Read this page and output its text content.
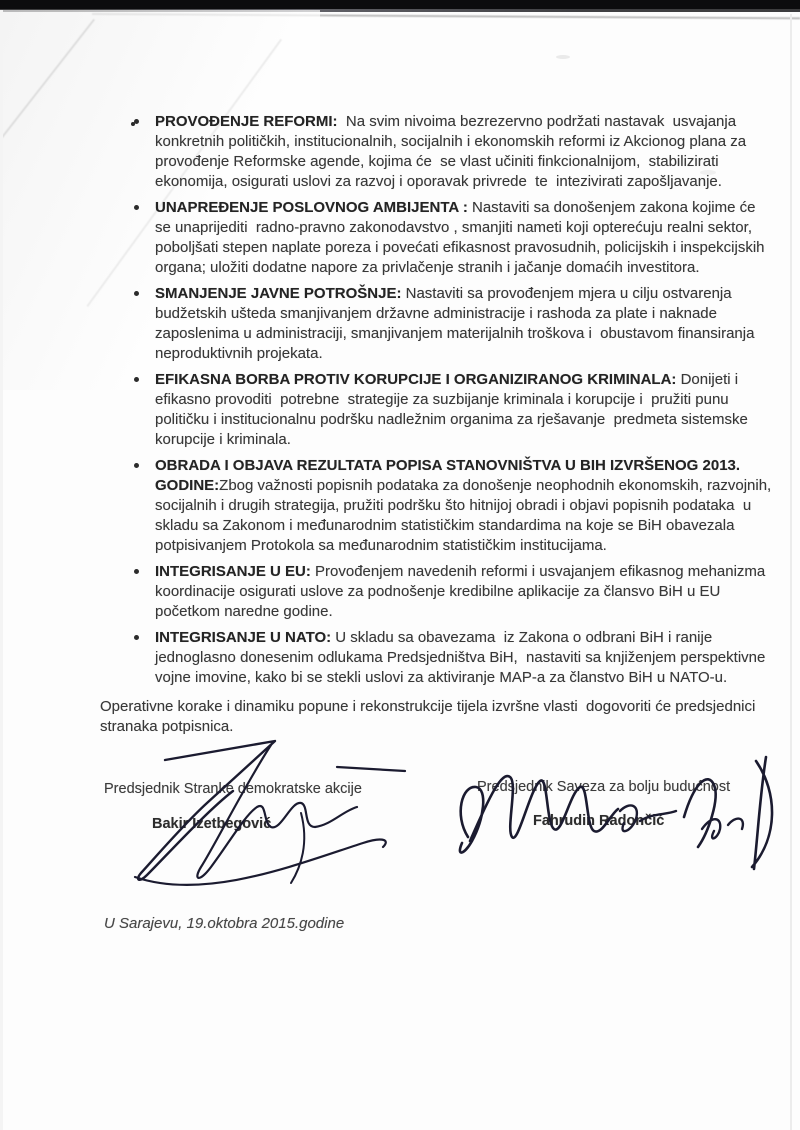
PROVOĐENJE REFORMI:  Na svim nivoima bezrezervno podržati nastavak  usvajanja konkretnih političkih, institucionalnih, socijalnih i ekonomskih reformi iz Akcionog plana za provođenje Reformske agende, kojima će  se vlast učiniti finkcionalnijom,  stabilizirati ekonomija, osigurati uslovi za razvoj i oporavak privrede  te  intezivirati zapošljavanje.
UNAPREĐENJE POSLOVNOG AMBIJENTA : Nastaviti sa donošenjem zakona kojime će se unaprijediti  radno-pravno zakonodavstvo , smanjiti nameti koji opterećuju realni sektor, poboljšati stepen naplate poreza i povećati efikasnost pravosudnih, policijskih i inspekcijskih organa; uložiti dodatne napore za privlačenje stranih i jačanje domaćih investitora.
SMANJENJE JAVNE POTROŠNJE: Nastaviti sa provođenjem mjera u cilju ostvarenja budžetskih ušteda smanjivanjem državne administracije i rashoda za plate i naknade zaposlenima u administraciji, smanjivanjem materijalnih troškova i  obustavom finansiranja neproduktivnih projekata.
EFIKASNA BORBA PROTIV KORUPCIJE I ORGANIZIRANOG KRIMINALA: Donijeti i efikasno provoditi  potrebne  strategije za suzbijanje kriminala i korupcije i  pružiti punu političku i institucionalnu podršku nadležnim organima za rješavanje  predmeta sistemske korupcije i kriminala.
OBRADA I OBJAVA REZULTATA POPISA STANOVNIŠTVA U BIH IZVRŠENOG 2013. GODINE:Zbog važnosti popisnih podataka za donošenje neophodnih ekonomskih, razvojnih, socijalnih i drugih strategija, pružiti podršku što hitnijoj obradi i objavi popisnih podataka  u skladu sa Zakonom i međunarodnim statističkim standardima na koje se BiH obavezala  potpisivanjem Protokola sa međunarodnim statističkim institucijama.
INTEGRISANJE U EU: Provođenjem navedenih reformi i usvajanjem efikasnog mehanizma koordinacije osigurati uslove za podnošenje kredibilne aplikacije za člansvo BiH u EU početkom naredne godine.
INTEGRISANJE U NATO: U skladu sa obavezama  iz Zakona o odbrani BiH i ranije jednoglasno donesenim odlukama Predsjedništva BiH,  nastaviti sa knjiženjem perspektivne vojne imovine, kako bi se stekli uslovi za aktiviranje MAP-a za članstvo BiH u NATO-u.
Operativne korake i dinamiku popune i rekonstrukcije tijela izvršne vlasti  dogovoriti će predsjednici stranaka potpisnica.
Predsjednik Stranke demokratske akcije
Bakir Izetbegović
Predsjednik Saveza za bolju budućnost
Fahrudin Radončić
U Sarajevu, 19.oktobra 2015.godine
